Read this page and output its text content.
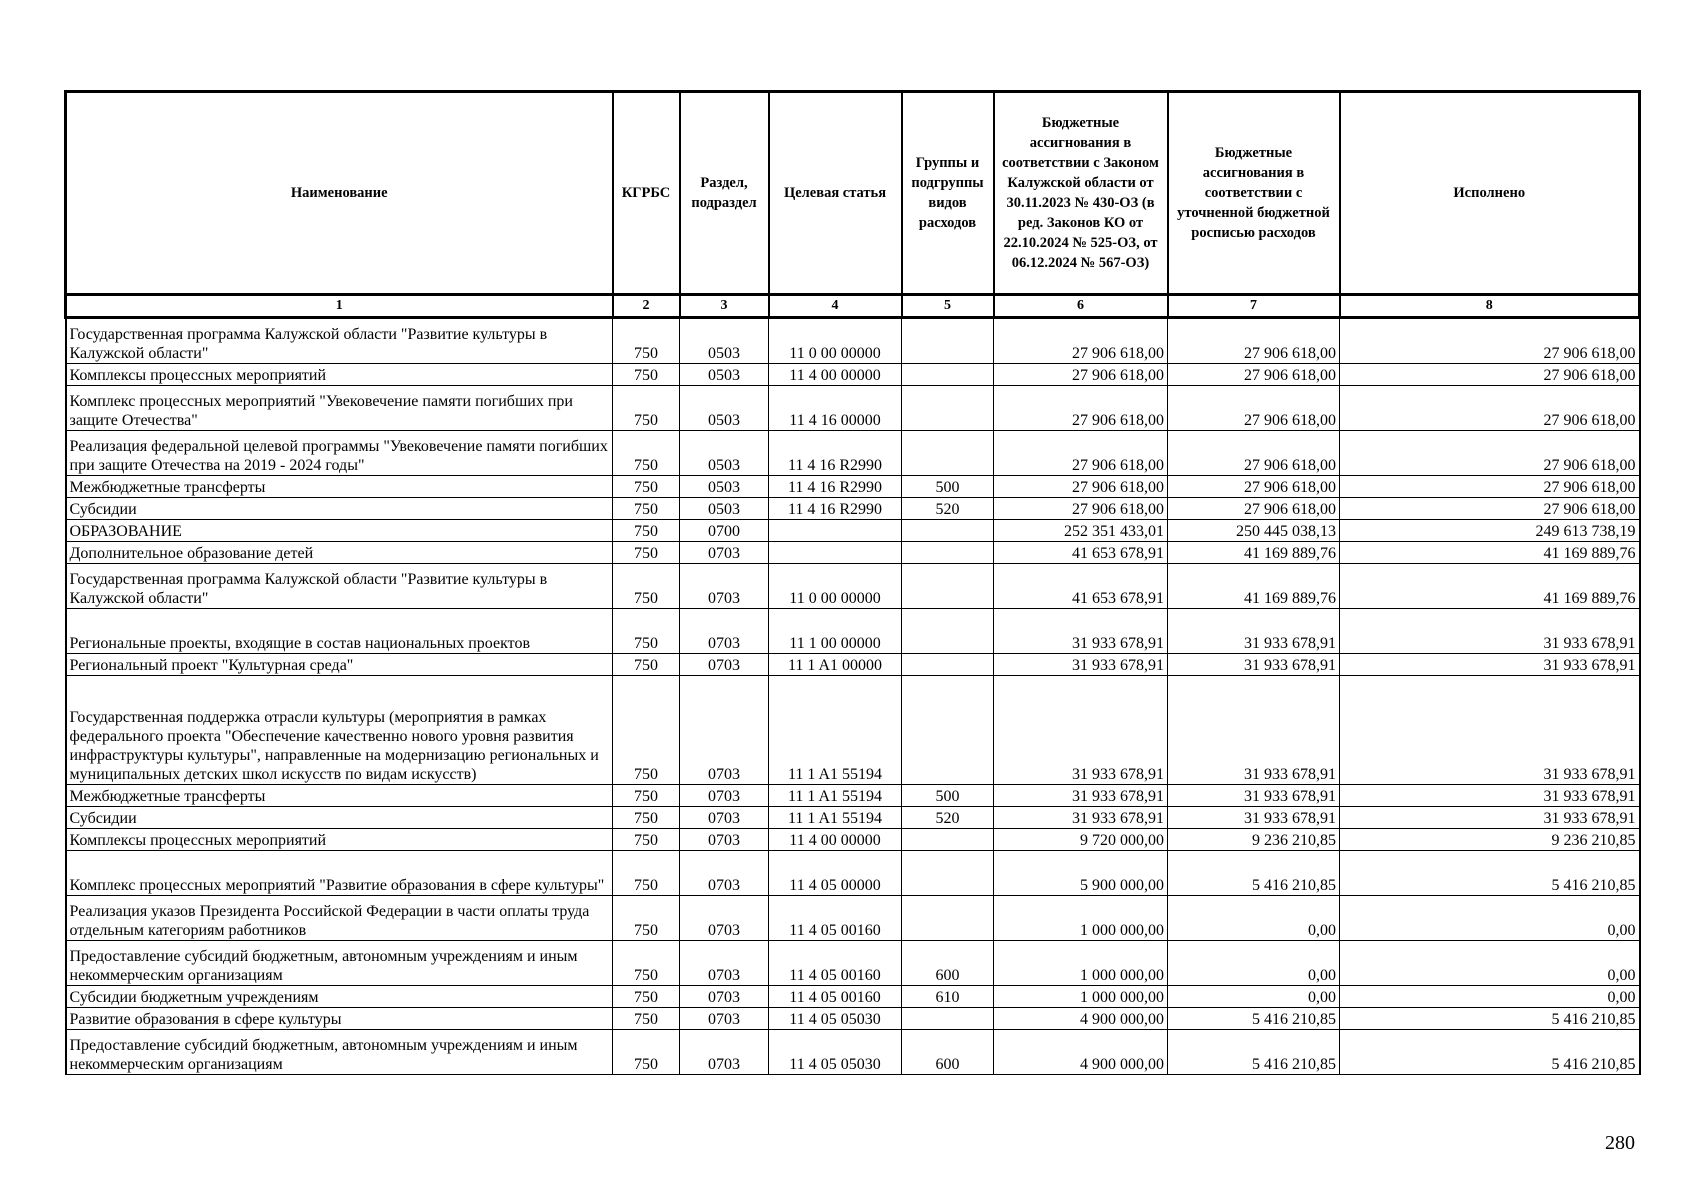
Наименование	КГРБС	Раздел, подраздел	Целевая статья	Группы и подгруппы видов расходов	Бюджетные ассигнования в соответствии с Законом Калужской области от 30.11.2023 № 430-ОЗ (в ред. Законов КО от 22.10.2024 № 525-ОЗ, от 06.12.2024 № 567-ОЗ)	Бюджетные ассигнования в соответствии с уточненной бюджетной росписью расходов	Исполнено
1	2	3	4	5	6	7	8
Государственная программа Калужской области "Развитие культуры в Калужской области"	750	0503	11 0 00 00000		27 906 618,00	27 906 618,00	27 906 618,00
Комплексы процессных мероприятий	750	0503	11 4 00 00000		27 906 618,00	27 906 618,00	27 906 618,00
Комплекс процессных мероприятий "Увековечение памяти погибших при защите Отечества"	750	0503	11 4 16 00000		27 906 618,00	27 906 618,00	27 906 618,00
Реализация федеральной целевой программы "Увековечение памяти погибших при защите Отечества на 2019 - 2024 годы"	750	0503	11 4 16 R2990		27 906 618,00	27 906 618,00	27 906 618,00
Межбюджетные трансферты	750	0503	11 4 16 R2990	500	27 906 618,00	27 906 618,00	27 906 618,00
Субсидии	750	0503	11 4 16 R2990	520	27 906 618,00	27 906 618,00	27 906 618,00
ОБРАЗОВАНИЕ	750	0700			252 351 433,01	250 445 038,13	249 613 738,19
Дополнительное образование детей	750	0703			41 653 678,91	41 169 889,76	41 169 889,76
Государственная программа Калужской области "Развитие культуры в Калужской области"	750	0703	11 0 00 00000		41 653 678,91	41 169 889,76	41 169 889,76
Региональные проекты, входящие в состав национальных проектов	750	0703	11 1 00 00000		31 933 678,91	31 933 678,91	31 933 678,91
Региональный проект "Культурная среда"	750	0703	11 1 A1 00000		31 933 678,91	31 933 678,91	31 933 678,91
Государственная поддержка отрасли культуры (мероприятия в рамках федерального проекта "Обеспечение качественно нового уровня развития инфраструктуры культуры", направленные на модернизацию региональных и муниципальных детских школ искусств по видам искусств)	750	0703	11 1 A1 55194		31 933 678,91	31 933 678,91	31 933 678,91
Межбюджетные трансферты	750	0703	11 1 A1 55194	500	31 933 678,91	31 933 678,91	31 933 678,91
Субсидии	750	0703	11 1 A1 55194	520	31 933 678,91	31 933 678,91	31 933 678,91
Комплексы процессных мероприятий	750	0703	11 4 00 00000		9 720 000,00	9 236 210,85	9 236 210,85
Комплекс процессных мероприятий "Развитие образования в сфере культуры"	750	0703	11 4 05 00000		5 900 000,00	5 416 210,85	5 416 210,85
Реализация указов Президента Российской Федерации в части оплаты труда отдельным категориям работников	750	0703	11 4 05 00160		1 000 000,00	0,00	0,00
Предоставление субсидий бюджетным, автономным учреждениям и иным некоммерческим организациям	750	0703	11 4 05 00160	600	1 000 000,00	0,00	0,00
Субсидии бюджетным учреждениям	750	0703	11 4 05 00160	610	1 000 000,00	0,00	0,00
Развитие образования в сфере культуры	750	0703	11 4 05 05030		4 900 000,00	5 416 210,85	5 416 210,85
Предоставление субсидий бюджетным, автономным учреждениям и иным некоммерческим организациям	750	0703	11 4 05 05030	600	4 900 000,00	5 416 210,85	5 416 210,85
280
